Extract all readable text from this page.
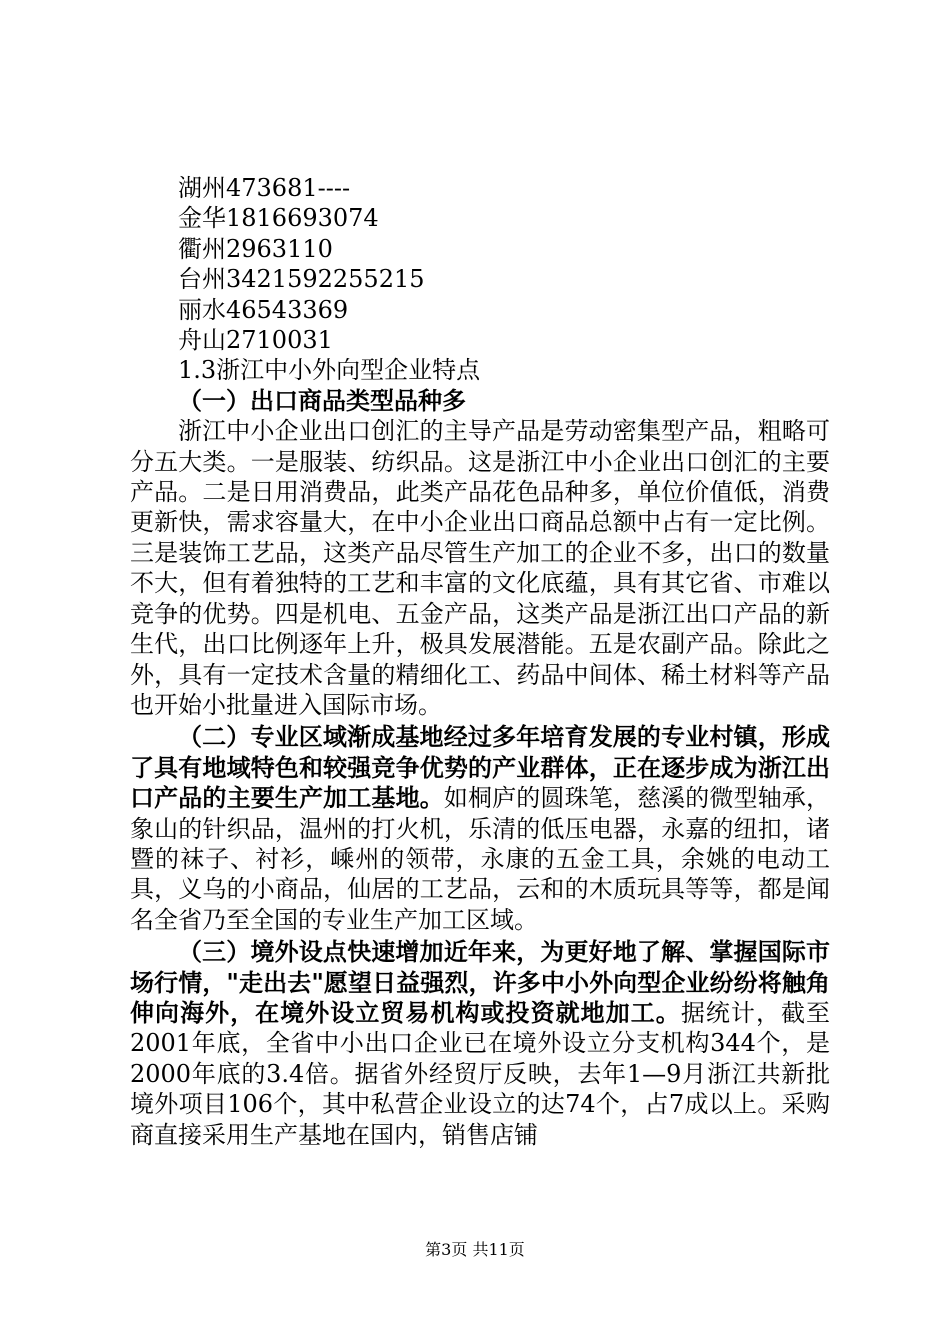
湖州473681----
金华1816693074
衢州2963110
台州3421592255215
丽水46543369
舟山2710031
1.3浙江中小外向型企业特点
（一）出口商品类型品种多

浙江中小企业出口创汇的主导产品是劳动密集型产品，粗略可分五大类。一是服装、纺织品。这是浙江中小企业出口创汇的主要产品。二是日用消费品，此类产品花色品种多，单位价值低，消费更新快，需求容量大，在中小企业出口商品总额中占有一定比例。三是装饰工艺品，这类产品尽管生产加工的企业不多，出口的数量不大，但有着独特的工艺和丰富的文化底蕴，具有其它省、市难以竞争的优势。四是机电、五金产品，这类产品是浙江出口产品的新生代，出口比例逐年上升，极具发展潜能。五是农副产品。除此之外，具有一定技术含量的精细化工、药品中间体、稀土材料等产品也开始小批量进入国际市场。

（二）专业区域渐成基地经过多年培育发展的专业村镇，形成了具有地域特色和较强竞争优势的产业群体，正在逐步成为浙江出口产品的主要生产加工基地。如桐庐的圆珠笔，慈溪的微型轴承，象山的针织品，温州的打火机，乐清的低压电器，永嘉的纽扣，诸暨的袜子、衬衫，嵊州的领带，永康的五金工具，余姚的电动工具，义乌的小商品，仙居的工艺品，云和的木质玩具等等，都是闻名全省乃至全国的专业生产加工区域。

（三）境外设点快速增加近年来，为更好地了解、掌握国际市场行情，"走出去"愿望日益强烈，许多中小外向型企业纷纷将触角伸向海外，在境外设立贸易机构或投资就地加工。据统计，截至2001年底，全省中小出口企业已在境外设立分支机构344个，是2000年底的3.4倍。据省外经贸厅反映，去年1—9月浙江共新批境外项目106个，其中私营企业设立的达74个，占7成以上。采购商直接采用生产基地在国内，销售店铺

第3页 共11页
